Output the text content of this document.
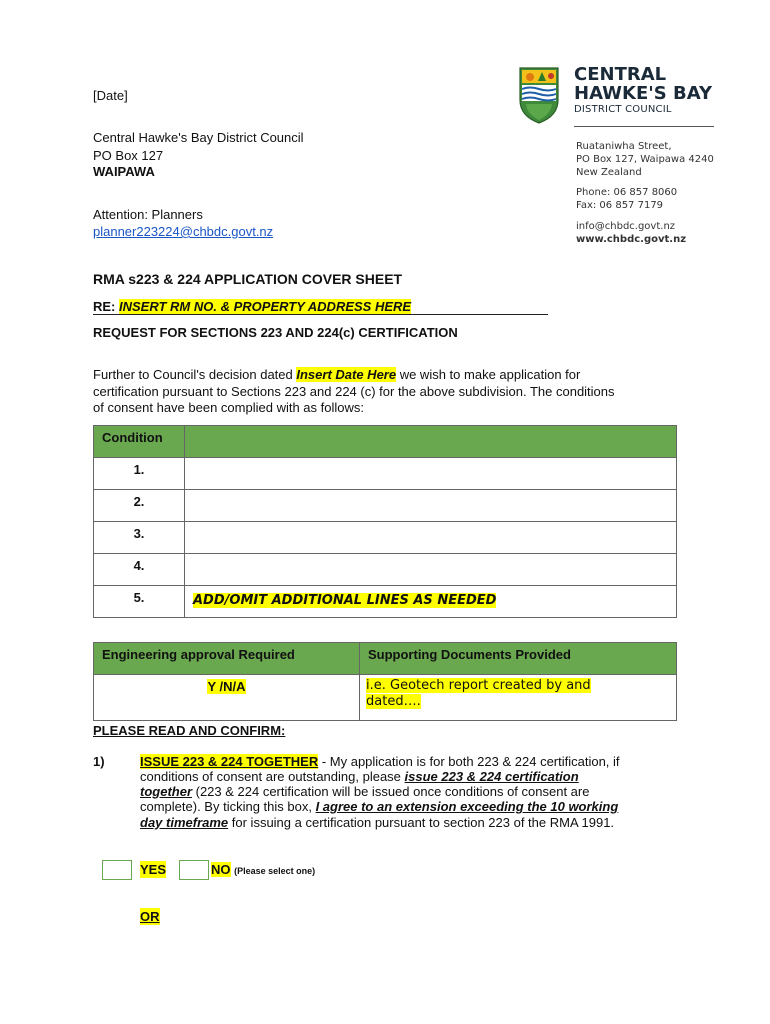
CENTRAL
HAWKE'S BAY
DISTRICT COUNCIL
Ruataniwha Street,
PO Box 127, Waipawa 4240
New Zealand
Phone: 06 857 8060
Fax: 06 857 7179
info@chbdc.govt.nz
www.chbdc.govt.nz
[Date]
Central Hawke's Bay District Council
PO Box 127
WAIPAWA
Attention: Planners
planner223224@chbdc.govt.nz
RMA s223 & 224 APPLICATION COVER SHEET
RE: INSERT RM NO. & PROPERTY ADDRESS HERE
REQUEST FOR SECTIONS 223 AND 224(c) CERTIFICATION
Further to Council's decision dated Insert Date Here we wish to make application for
certification pursuant to Sections 223 and 224 (c) for the above subdivision. The conditions
of consent have been complied with as follows:
Condition	
1.	
2.	
3.	
4.	
5.	ADD/OMIT ADDITIONAL LINES AS NEEDED
Engineering approval Required	Supporting Documents Provided
Y /N/A	i.e. Geotech report created by and
dated….
PLEASE READ AND CONFIRM:
1)	ISSUE 223 & 224 TOGETHER - My application is for both 223 & 224 certification, if
conditions of consent are outstanding, please issue 223 & 224 certification
together (223 & 224 certification will be issued once conditions of consent are
complete). By ticking this box, I agree to an extension exceeding the 10 working
day timeframe for issuing a certification pursuant to section 223 of the RMA 1991.
YES	NO (Please select one)
OR
